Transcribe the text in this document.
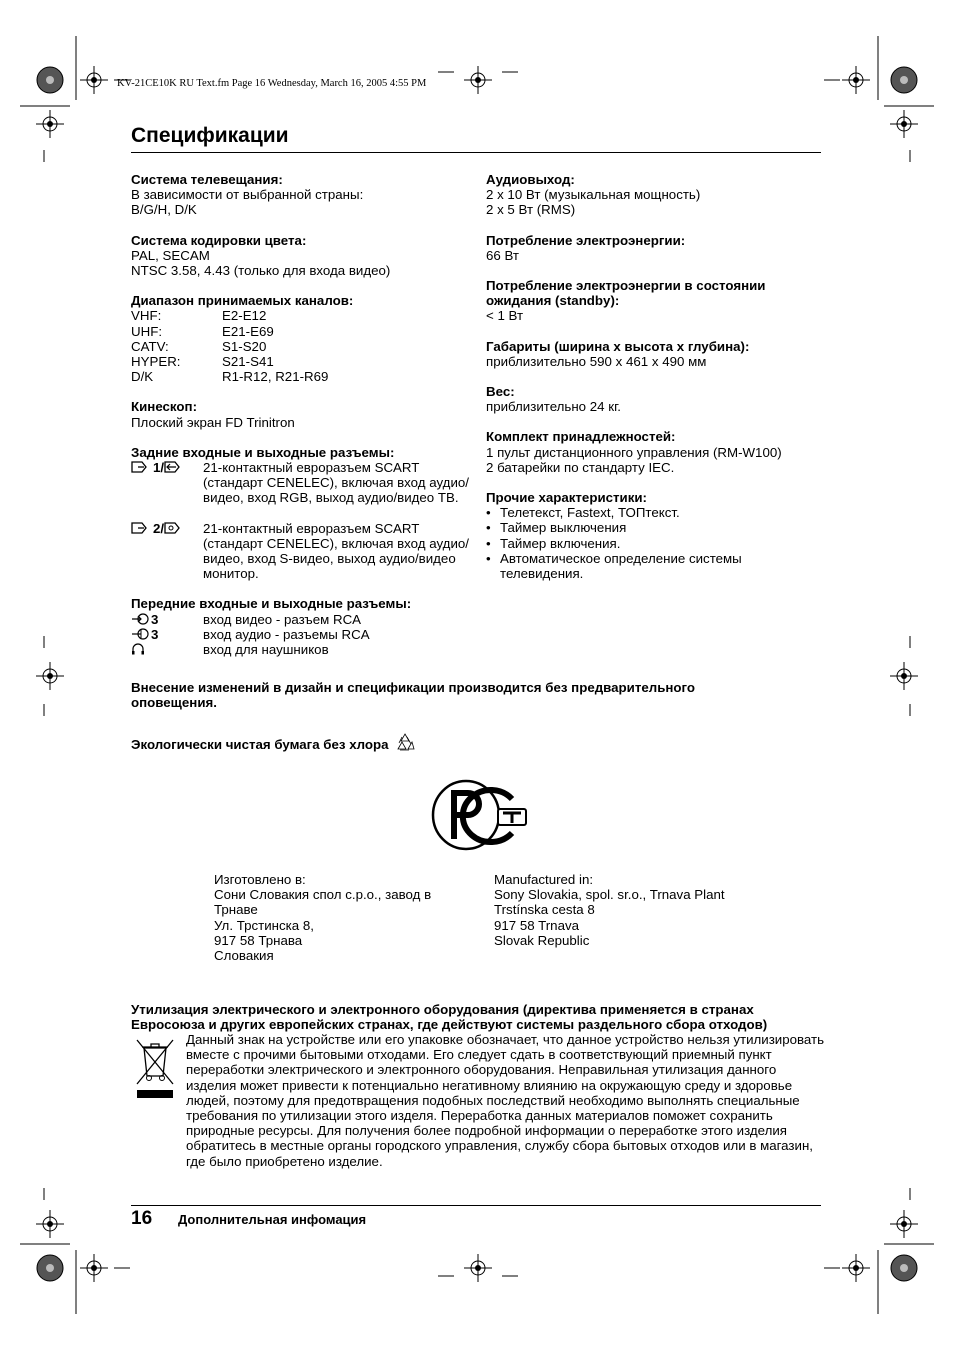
KV-21CE10K RU Text.fm Page 16 Wednesday, March 16, 2005 4:55 PM
Спецификации
Система телевещания:
В зависимости от выбранной страны:
B/G/H, D/K
Система кодировки цвета:
PAL, SECAM
NTSC 3.58, 4.43 (только для входа видео)
Диапазон принимаемых каналов:
VHF:	E2-E12
UHF:	E21-E69
CATV:	S1-S20
HYPER:	S21-S41
D/K	R1-R12, R21-R69
Кинескоп:
Плоский экран FD Trinitron
Задние входные и выходные разъемы:
1/	21-контактный евроразъем SCART (стандарт CENELEC), включая вход аудио/видео, вход RGB, выход аудио/видео ТВ.
2/	21-контактный евроразъем SCART (стандарт CENELEC), включая вход аудио/видео, вход S-видео, выход аудио/видео монитор.
Передние входные и выходные разъемы:
3	вход видео - разъем RCA
3	вход аудио - разъемы RCA
вход для наушников
Аудиовыход:
2 x 10 Вт (музыкальная мощность)
2 x 5 Вт (RMS)
Потребление электроэнергии:
66 Вт
Потребление электроэнергии в состоянии ожидания (standby):
< 1 Вт
Габариты (ширина x высота x глубина):
приблизительно 590 x 461 x 490 мм
Вес:
приблизительно 24 кг.
Комплект принадлежностей:
1 пульт дистанционного управления (RM-W100)
2 батарейки по стандарту IEC.
Прочие характеристики:
• Телетекст, Fastext, ТОПтекст.
• Таймер выключения
• Таймер включения.
• Автоматическое определение системы телевидения.
Внесение изменений в дизайн и спецификации производится без предварительного оповещения.
Экологически чистая бумага без хлора
Изготовлено в:
Сони Словакия спол с.р.о., завод в Трнаве
Ул. Трстинска 8,
917 58 Трнава
Словакия
Manufactured in:
Sony Slovakia, spol. sr.o., Trnava Plant
Trstínska cesta 8
917 58 Trnava
Slovak Republic
Утилизация электрического и электронного оборудования (директива применяется в странах Евросоюза и других европейских странах, где действуют системы раздельного сбора отходов)
Данный знак на устройстве или его упаковке обозначает, что данное устройство нельзя утилизировать вместе с прочими бытовыми отходами. Его следует сдать в соответствующий приемный пункт переработки электрического и электронного оборудования. Неправильная утилизация данного изделия может привести к потенциально негативному влиянию на окружающую среду и здоровье людей, поэтому для предотвращения подобных последствий необходимо выполнять специальные требования по утилизации этого изделя. Переработка данных материалов поможет сохранить природные ресурсы. Для получения более подробной информации о переработке этого изделия обратитесь в местные органы городского управления, службу сбора бытовых отходов или в магазин, где было приобретено изделие.
16 Дополнительная инфомация
